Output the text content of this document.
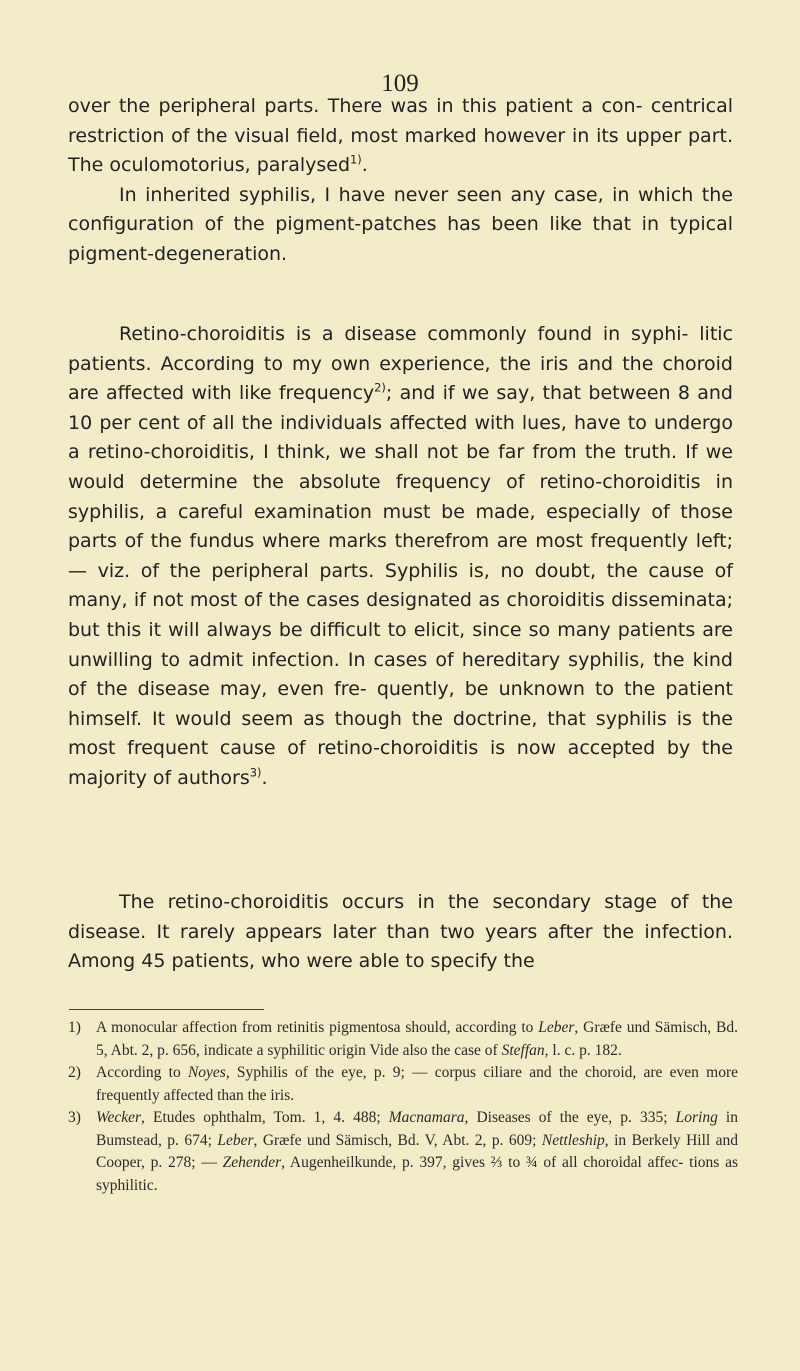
109

over the peripheral parts. There was in this patient a con- centrical restriction of the visual field, most marked however in its upper part. The oculomotorius, paralysed$^{1)}$.

In inherited syphilis, I have never seen any case, in which the configuration of the pigment-patches has been like that in typical pigment-degeneration.

Retino-choroiditis is a disease commonly found in syphi- litic patients. According to my own experience, the iris and the choroid are affected with like frequency$^{2)}$; and if we say, that between 8 and 10 per cent of all the individuals affected with lues, have to undergo a retino-choroiditis, I think, we shall not be far from the truth. If we would determine the absolute frequency of retino-choroiditis in syphilis, a careful examination must be made, especially of those parts of the fundus where marks therefrom are most frequently left; — viz. of the peripheral parts. Syphilis is, no doubt, the cause of many, if not most of the cases designated as choroiditis disseminata; but this it will always be difficult to elicit, since so many patients are unwilling to admit infection. In cases of hereditary syphilis, the kind of the disease may, even fre- quently, be unknown to the patient himself. It would seem as though the doctrine, that syphilis is the most frequent cause of retino-choroiditis is now accepted by the majority of authors$^{3)}$.

The retino-choroiditis occurs in the secondary stage of the disease. It rarely appears later than two years after the infection. Among 45 patients, who were able to specify the

1) A monocular affection from retinitis pigmentosa should, according to Leber, Græfe und Sämisch, Bd. 5, Abt. 2, p. 656, indicate a syphilitic origin Vide also the case of Steffan, l. c. p. 182.

2) According to Noyes, Syphilis of the eye, p. 9; — corpus ciliare and the choroid, are even more frequently affected than the iris.

3) Wecker, Etudes ophthalm, Tom. 1, 4. 488; Macnamara, Diseases of the eye, p. 335; Loring in Bumstead, p. 674; Leber, Græfe und Sämisch, Bd. V, Abt. 2, p. 609; Nettleship, in Berkely Hill and Cooper, p. 278; — Zehender, Augenheilkunde, p. 397, gives ⅔ to ¾ of all choroidal affec- tions as syphilitic.
